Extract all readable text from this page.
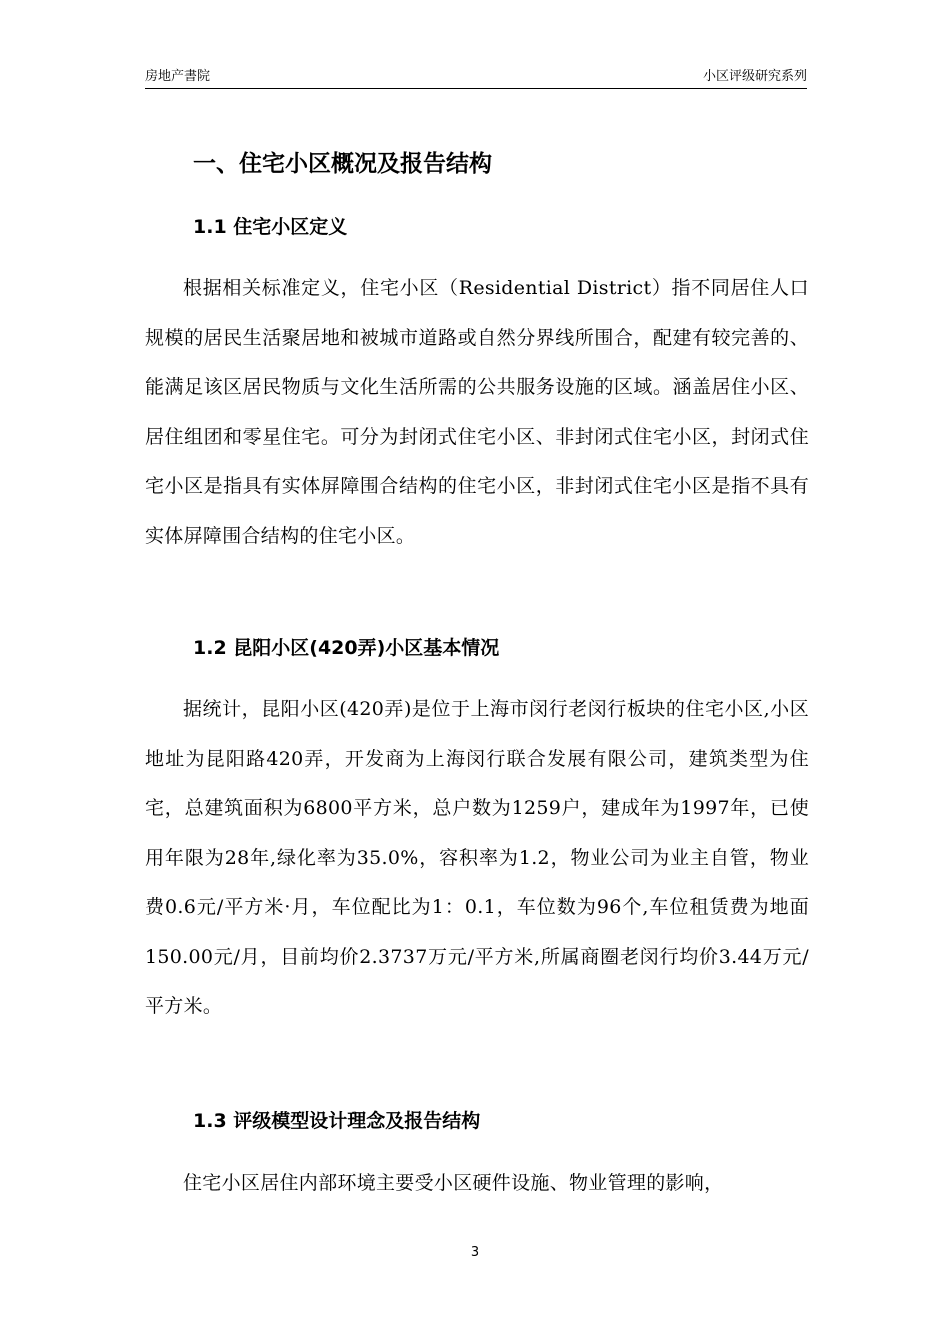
房地产書院	小区评级研究系列
一、住宅小区概况及报告结构
1.1 住宅小区定义
根据相关标准定义，住宅小区（Residential District）指不同居住人口规模的居民生活聚居地和被城市道路或自然分界线所围合，配建有较完善的、能满足该区居民物质与文化生活所需的公共服务设施的区域。涵盖居住小区、居住组团和零星住宅。可分为封闭式住宅小区、非封闭式住宅小区，封闭式住宅小区是指具有实体屏障围合结构的住宅小区，非封闭式住宅小区是指不具有实体屏障围合结构的住宅小区。
1.2 昆阳小区(420弄)小区基本情况
据统计，昆阳小区(420弄)是位于上海市闵行老闵行板块的住宅小区,小区地址为昆阳路420弄，开发商为上海闵行联合发展有限公司，建筑类型为住宅，总建筑面积为6800平方米，总户数为1259户，建成年为1997年，已使用年限为28年,绿化率为35.0%，容积率为1.2，物业公司为业主自管，物业费0.6元/平方米·月，车位配比为1：0.1，车位数为96个,车位租赁费为地面150.00元/月，目前均价2.3737万元/平方米,所属商圈老闵行均价3.44万元/平方米。
1.3 评级模型设计理念及报告结构
住宅小区居住内部环境主要受小区硬件设施、物业管理的影响，
3
